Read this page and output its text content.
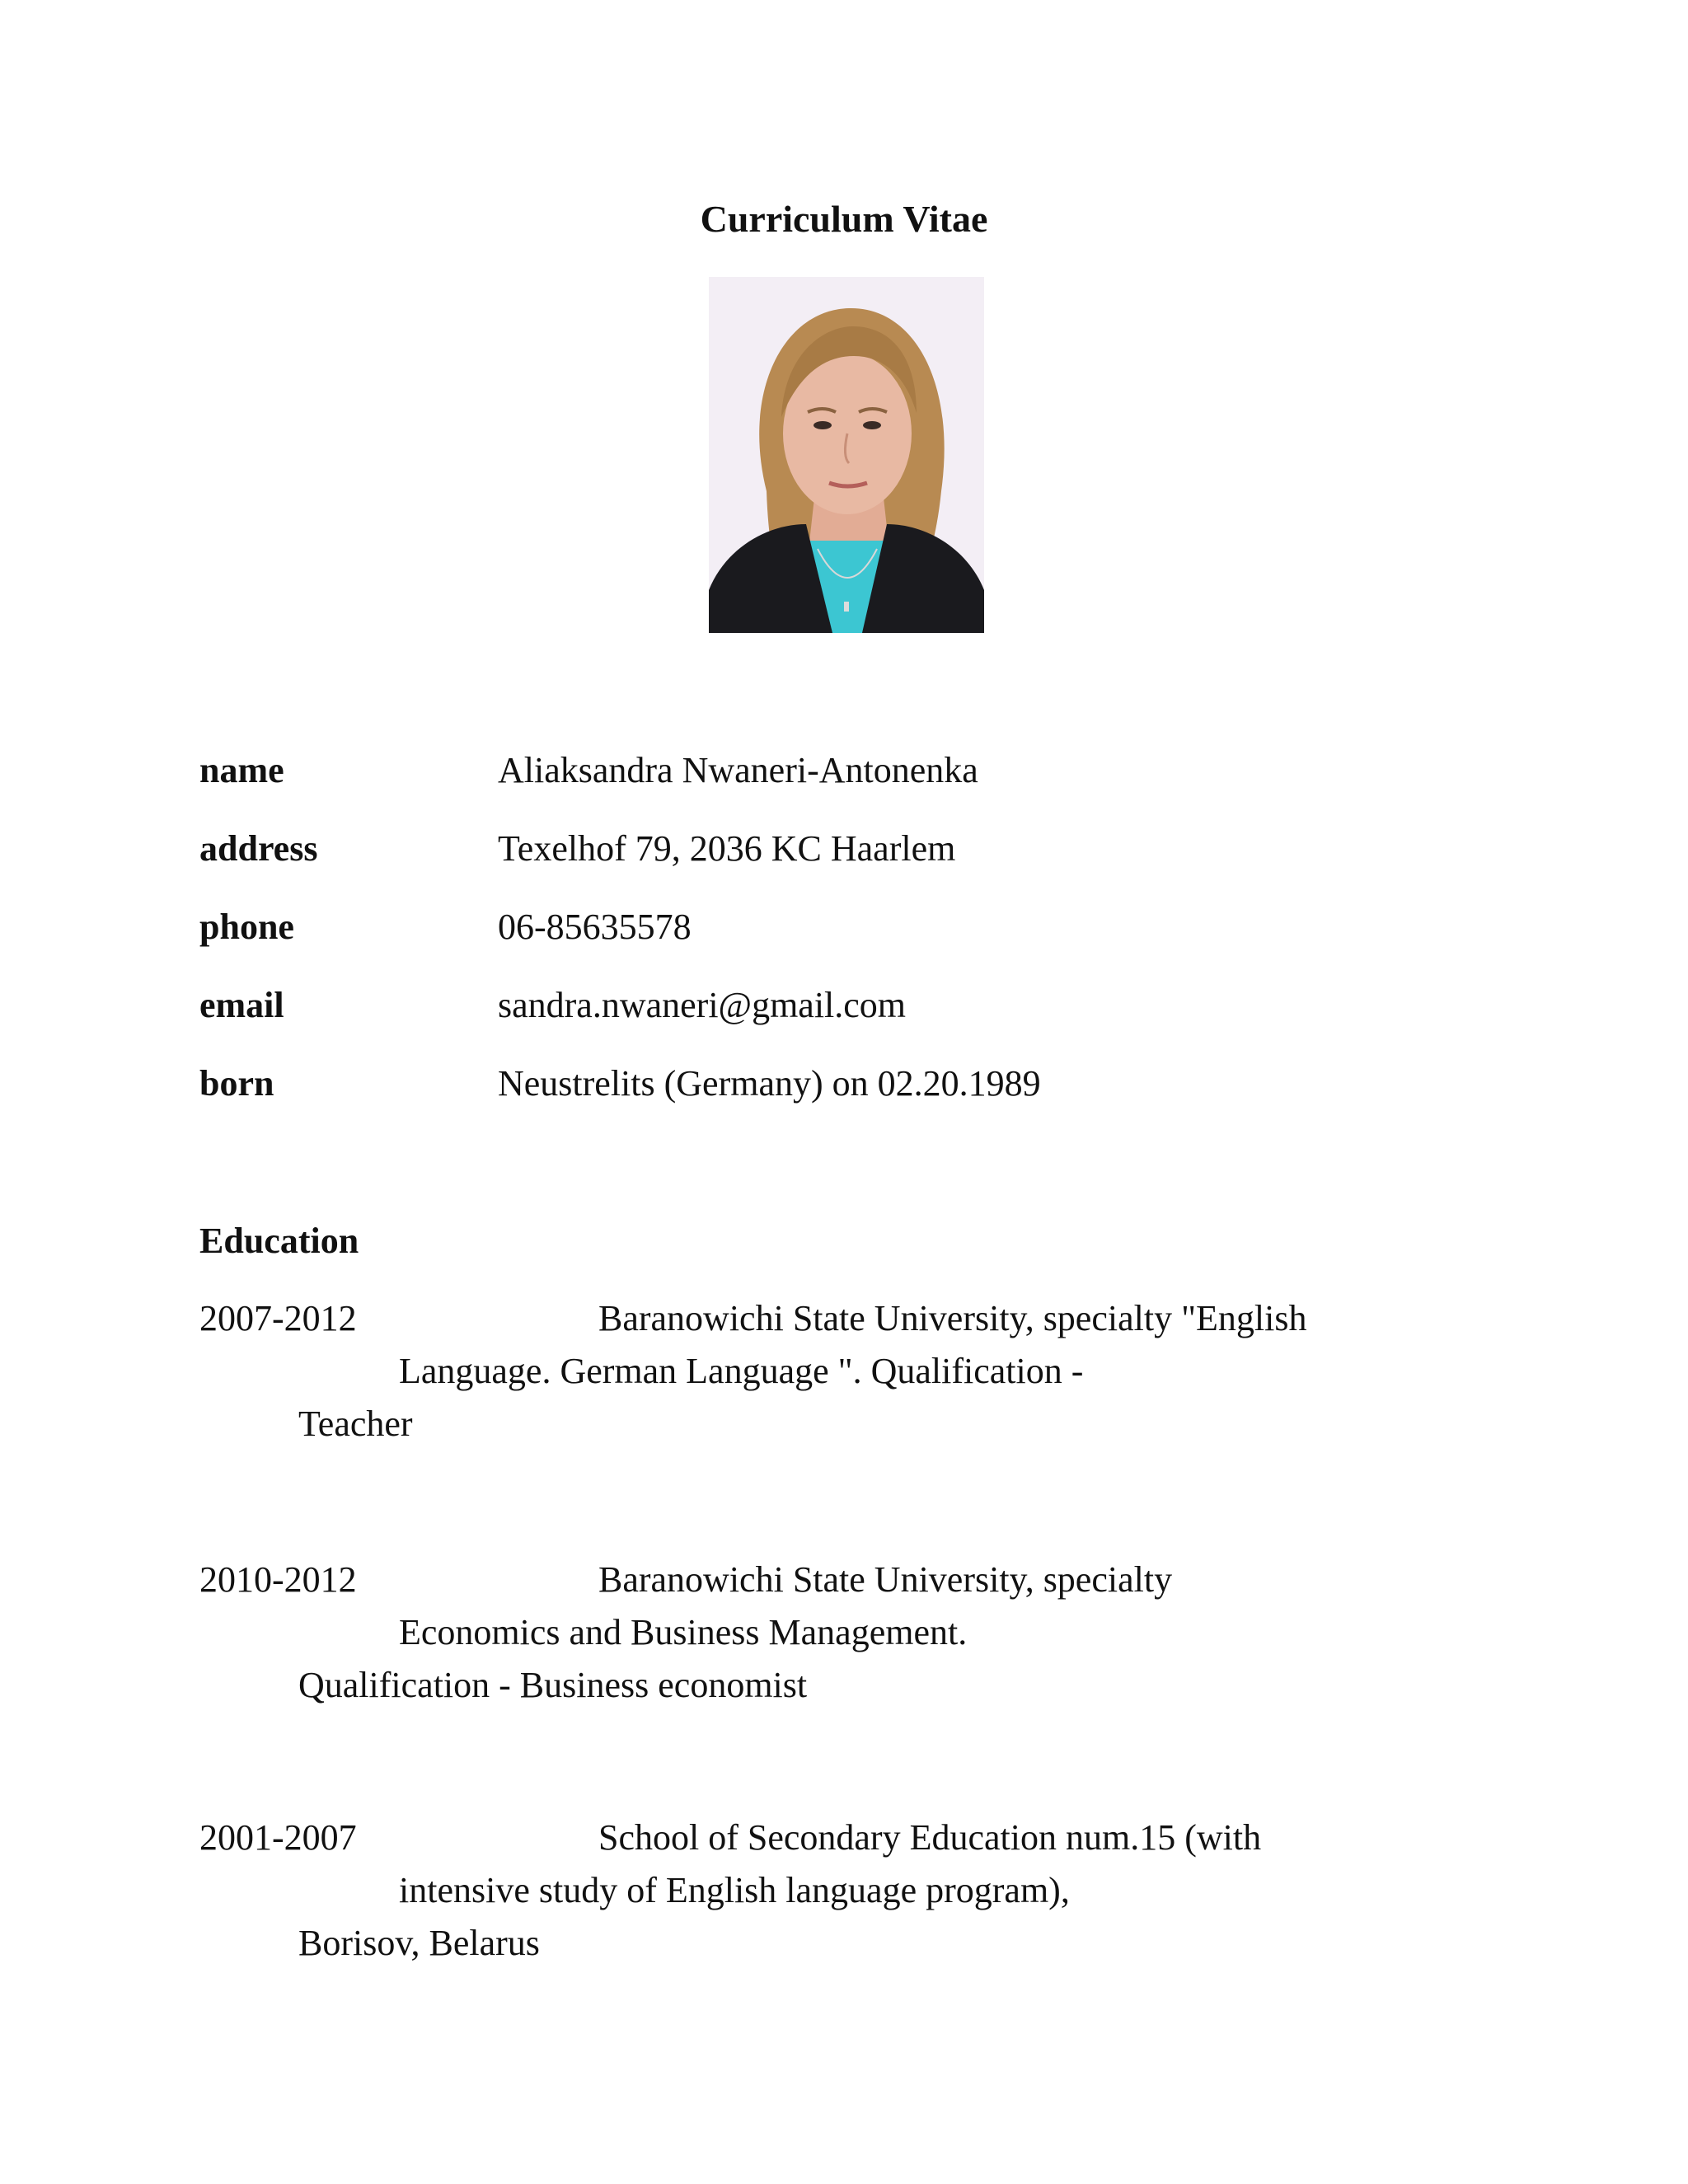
Curriculum Vitae
name	Aliaksandra Nwaneri-Antonenka
address	Texelhof 79, 2036 KC Haarlem
phone	06-85635578
email	sandra.nwaneri@gmail.com
born	Neustrelits (Germany) on 02.20.1989
Education
2007-2012	Baranowichi State University, specialty "English
Language. German Language ". Qualification -
Teacher
2010-2012	Baranowichi State University, specialty
Economics and Business Management.
Qualification - Business economist
2001-2007	School of Secondary Education num.15 (with
intensive study of English language program),
Borisov, Belarus
